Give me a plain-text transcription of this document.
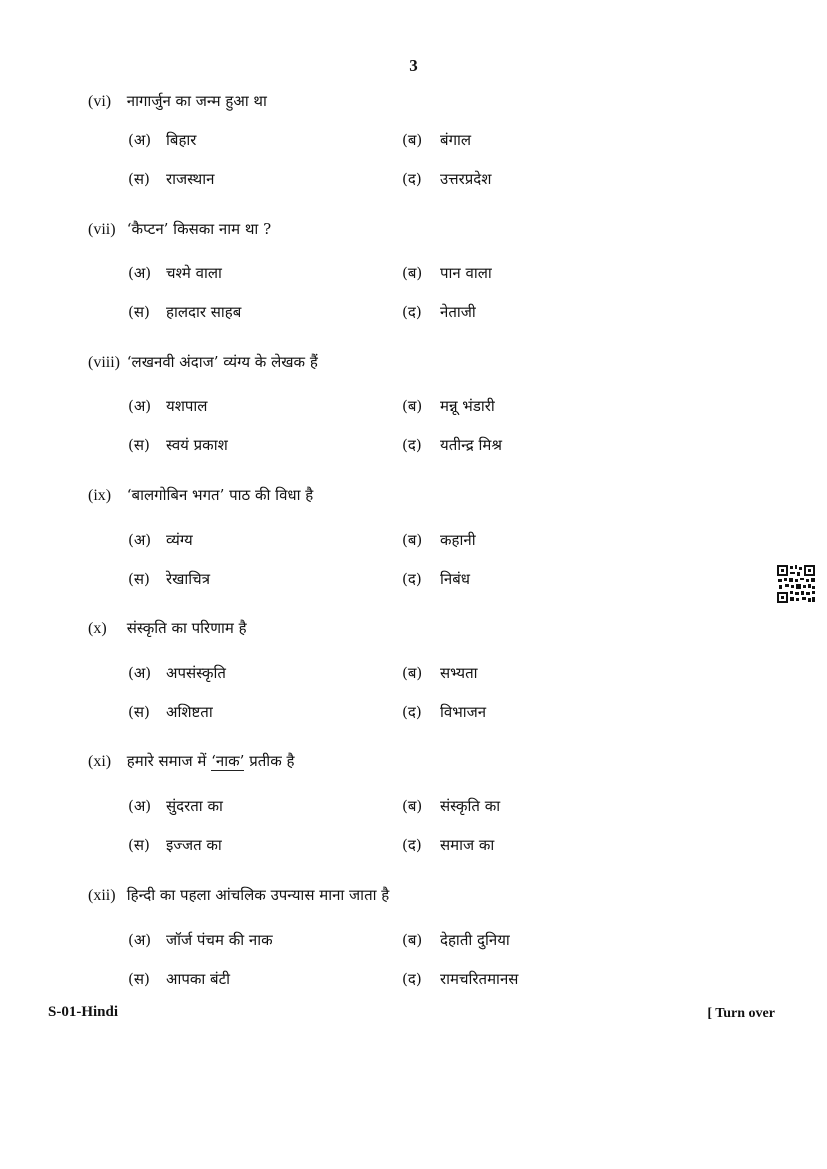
3
(vi) नागार्जुन का जन्म हुआ था
(अ) बिहार	(ब) बंगाल
(स) राजस्थान	(द) उत्तरप्रदेश
(vii) ‘कैप्टन’ किसका नाम था ?
(अ) चश्मे वाला	(ब) पान वाला
(स) हालदार साहब	(द) नेताजी
(viii) ‘लखनवी अंदाज’ व्यंग्य के लेखक हैं
(अ) यशपाल	(ब) मन्नू भंडारी
(स) स्वयं प्रकाश	(द) यतीन्द्र मिश्र
(ix) ‘बालगोबिन भगत’ पाठ की विधा है
(अ) व्यंग्य	(ब) कहानी
(स) रेखाचित्र	(द) निबंध
(x) संस्कृति का परिणाम है
(अ) अपसंस्कृति	(ब) सभ्यता
(स) अशिष्टता	(द) विभाजन
(xi) हमारे समाज में ‘नाक’ प्रतीक है
(अ) सुंदरता का	(ब) संस्कृति का
(स) इज्जत का	(द) समाज का
(xii) हिन्दी का पहला आंचलिक उपन्यास माना जाता है
(अ) जॉर्ज पंचम की नाक	(ब) देहाती दुनिया
(स) आपका बंटी	(द) रामचरितमानस
S-01-Hindi	[ Turn over
